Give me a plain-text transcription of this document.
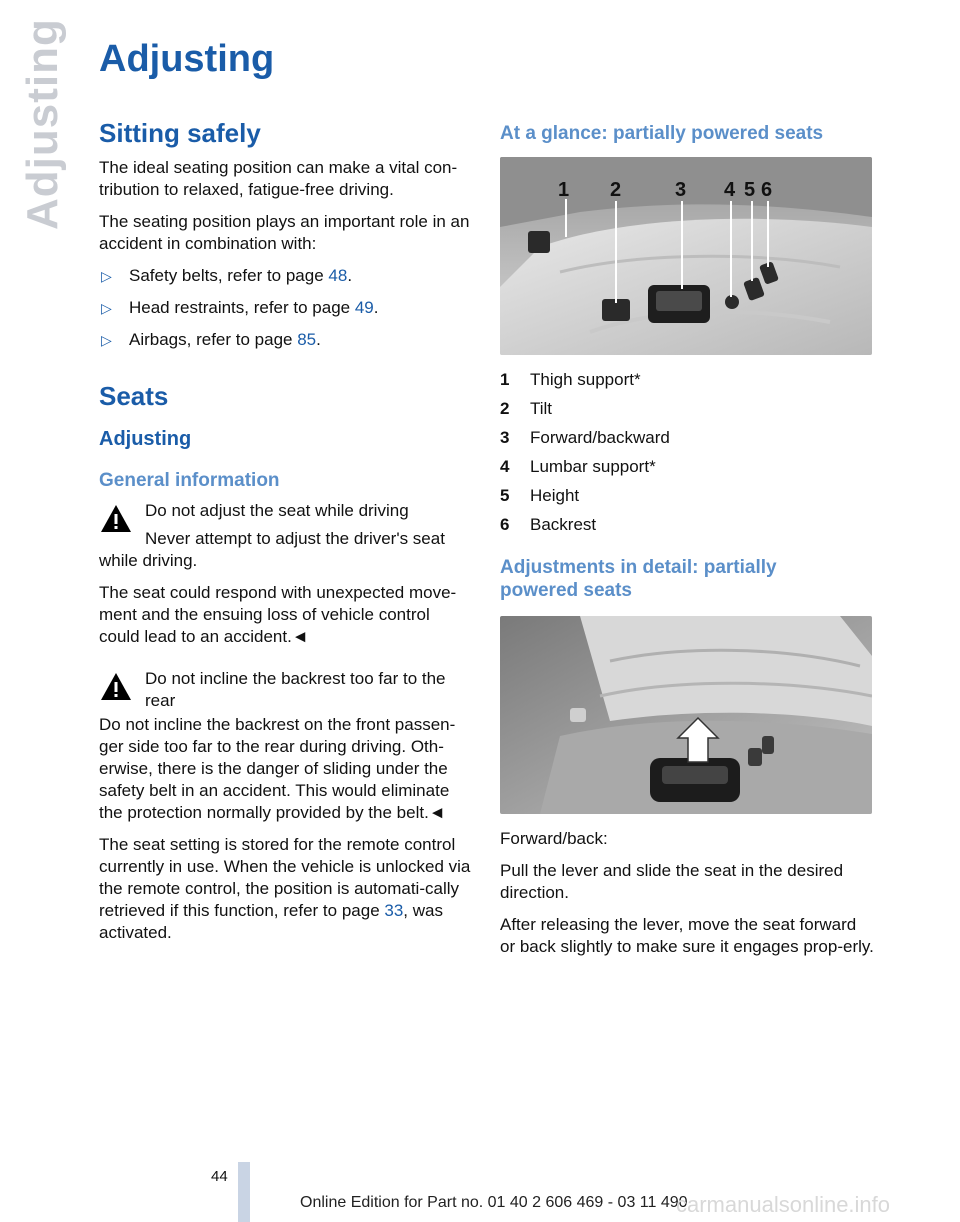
Adjusting Adjusting
Sitting safely

The ideal seating position can make a vital con-tribution to relaxed, fatigue-free driving.

The seating position plays an important role in an accident in combination with:

▷ Safety belts, refer to page 48.
▷ Head restraints, refer to page 49.
▷ Airbags, refer to page 85.
Seats
Adjusting
General information

Do not adjust the seat while driving

Never attempt to adjust the driver's seat while driving.

The seat could respond with unexpected move-ment and the ensuing loss of vehicle control could lead to an accident.◄

Do not incline the backrest too far to the rear

Do not incline the backrest on the front passen-ger side too far to the rear during driving. Oth-erwise, there is the danger of sliding under the safety belt in an accident. This would eliminate the protection normally provided by the belt.◄

The seat setting is stored for the remote control currently in use. When the vehicle is unlocked via the remote control, the position is automati-cally retrieved if this function, refer to page 33, was activated.

At a glance: partially powered seats
1 2	3 4 5 6
1 Thigh support*
2 Tilt
3 Forward/backward
4 Lumbar support*
5 Height
6 Backrest
Adjustments in detail: partially powered seats

Forward/back:

Pull the lever and slide the seat in the desired direction.

After releasing the lever, move the seat forward or back slightly to make sure it engages prop-erly.

44
Online Edition for Part no. 01 40 2 606 469 - 03 11 490
carmanualsonline.info
